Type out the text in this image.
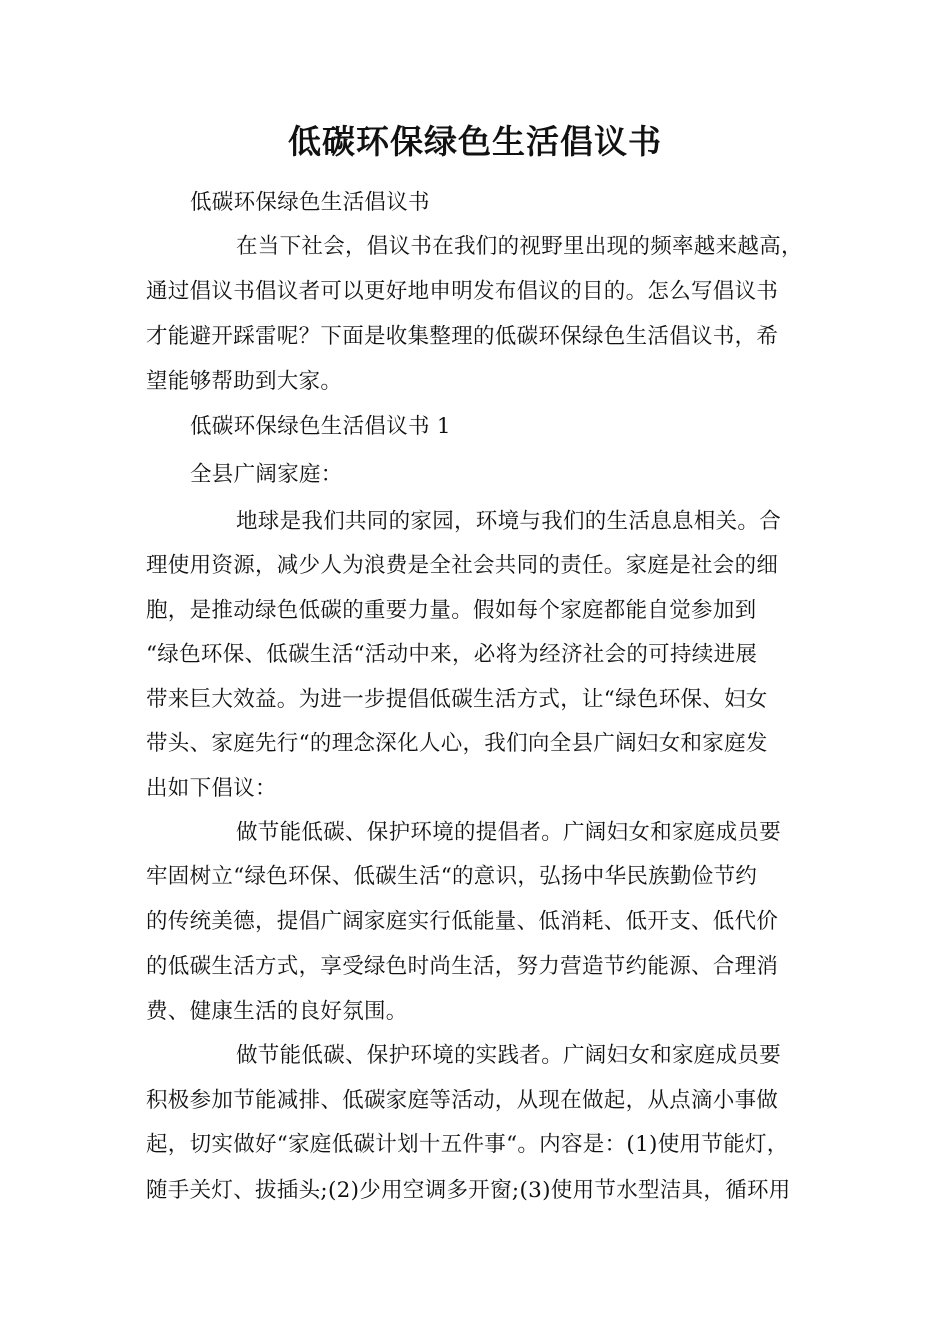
低碳环保绿色生活倡议书
低碳环保绿色生活倡议书
在当下社会，倡议书在我们的视野里出现的频率越来越高，
通过倡议书倡议者可以更好地申明发布倡议的目的。怎么写倡议书
才能避开踩雷呢？下面是收集整理的低碳环保绿色生活倡议书，希
望能够帮助到大家。
低碳环保绿色生活倡议书 1
全县广阔家庭：
地球是我们共同的家园，环境与我们的生活息息相关。合
理使用资源，减少人为浪费是全社会共同的责任。家庭是社会的细
胞，是推动绿色低碳的重要力量。假如每个家庭都能自觉参加到
“绿色环保、低碳生活“活动中来，必将为经济社会的可持续进展
带来巨大效益。为进一步提倡低碳生活方式，让“绿色环保、妇女
带头、家庭先行“的理念深化人心，我们向全县广阔妇女和家庭发
出如下倡议：
做节能低碳、保护环境的提倡者。广阔妇女和家庭成员要
牢固树立“绿色环保、低碳生活“的意识，弘扬中华民族勤俭节约
的传统美德，提倡广阔家庭实行低能量、低消耗、低开支、低代价
的低碳生活方式，享受绿色时尚生活，努力营造节约能源、合理消
费、健康生活的良好氛围。
做节能低碳、保护环境的实践者。广阔妇女和家庭成员要
积极参加节能减排、低碳家庭等活动，从现在做起，从点滴小事做
起，切实做好“家庭低碳计划十五件事“。内容是：(1)使用节能灯，
随手关灯、拔插头;(2)少用空调多开窗;(3)使用节水型洁具，循环用
